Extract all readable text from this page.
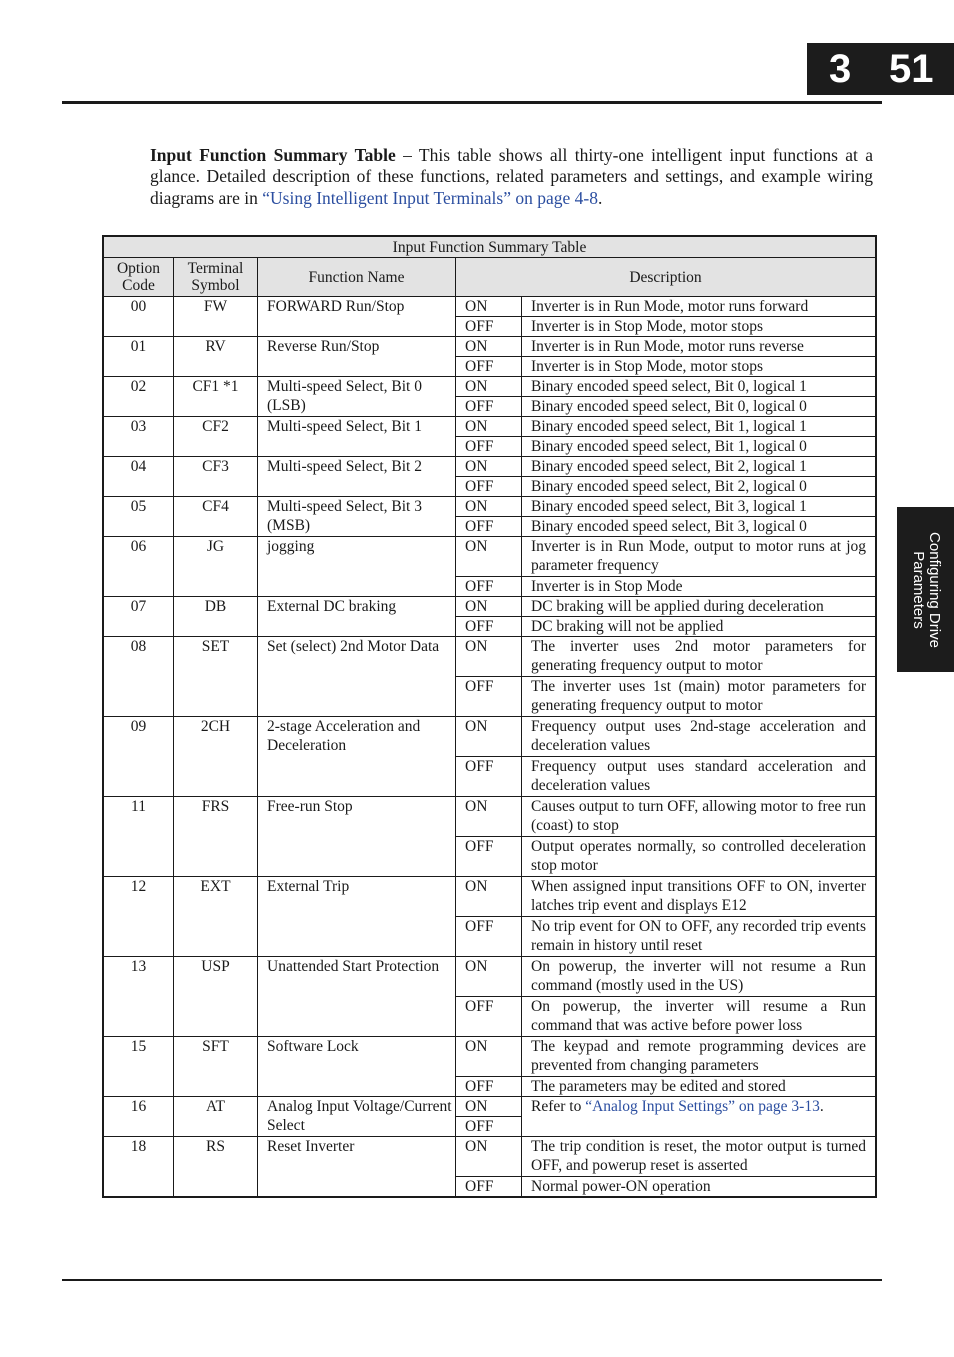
3 51
Configuring Drive
Parameters

Input Function Summary Table – This table shows all thirty-one intelligent input functions at a glance. Detailed description of these functions, related parameters and settings, and example wiring diagrams are in “Using Intelligent Input Terminals” on page 4-8.

Input Function Summary Table				
Option Code	Terminal Symbol	Function Name	Description	
00	FW	FORWARD Run/Stop	ON	Inverter is in Run Mode, motor runs forward
			OFF	Inverter is in Stop Mode, motor stops
01	RV	Reverse Run/Stop	ON	Inverter is in Run Mode, motor runs reverse
			OFF	Inverter is in Stop Mode, motor stops
02	CF1 *1	Multi-speed Select, Bit 0 (LSB)	ON	Binary encoded speed select, Bit 0, logical 1
			OFF	Binary encoded speed select, Bit 0, logical 0
03	CF2	Multi-speed Select, Bit 1	ON	Binary encoded speed select, Bit 1, logical 1
			OFF	Binary encoded speed select, Bit 1, logical 0
04	CF3	Multi-speed Select, Bit 2	ON	Binary encoded speed select, Bit 2, logical 1
			OFF	Binary encoded speed select, Bit 2, logical 0
05	CF4	Multi-speed Select, Bit 3 (MSB)	ON	Binary encoded speed select, Bit 3, logical 1
			OFF	Binary encoded speed select, Bit 3, logical 0
06	JG	jogging	ON	Inverter is in Run Mode, output to motor runs at jog parameter frequency
			OFF	Inverter is in Stop Mode
07	DB	External DC braking	ON	DC braking will be applied during deceleration
			OFF	DC braking will not be applied
08	SET	Set (select) 2nd Motor Data	ON	The inverter uses 2nd motor parameters for generating frequency output to motor
			OFF	The inverter uses 1st (main) motor parameters for generating frequency output to motor
09	2CH	2-stage Acceleration and Deceleration	ON	Frequency output uses 2nd-stage acceleration and deceleration values
			OFF	Frequency output uses standard acceleration and deceleration values
11	FRS	Free-run Stop	ON	Causes output to turn OFF, allowing motor to free run (coast) to stop
			OFF	Output operates normally, so controlled deceleration stop motor
12	EXT	External Trip	ON	When assigned input transitions OFF to ON, inverter latches trip event and displays E12
			OFF	No trip event for ON to OFF, any recorded trip events remain in history until reset
13	USP	Unattended Start Protection	ON	On powerup, the inverter will not resume a Run command (mostly used in the US)
			OFF	On powerup, the inverter will resume a Run command that was active before power loss
15	SFT	Software Lock	ON	The keypad and remote programming devices are prevented from changing parameters
			OFF	The parameters may be edited and stored
16	AT	Analog Input Voltage/Current Select	ON	Refer to “Analog Input Settings” on page 3-13.
			OFF	
18	RS	Reset Inverter	ON	The trip condition is reset, the motor output is turned OFF, and powerup reset is asserted
			OFF	Normal power-ON operation
